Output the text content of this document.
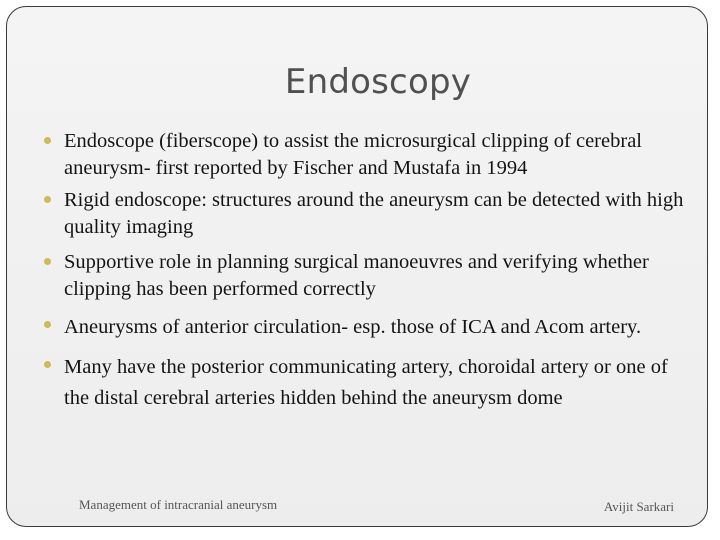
Endoscopy
Endoscope (fiberscope) to assist the microsurgical clipping of cerebral aneurysm- first reported by Fischer and Mustafa in 1994
Rigid endoscope: structures around the aneurysm can be detected with high quality imaging
Supportive role in planning surgical manoeuvres and verifying whether clipping has been performed correctly
Aneurysms of anterior circulation- esp. those of ICA and Acom artery.
Many have the posterior communicating artery, choroidal artery or one of the distal cerebral arteries hidden behind the aneurysm dome
Management of intracranial aneurysm	Avijit Sarkari
